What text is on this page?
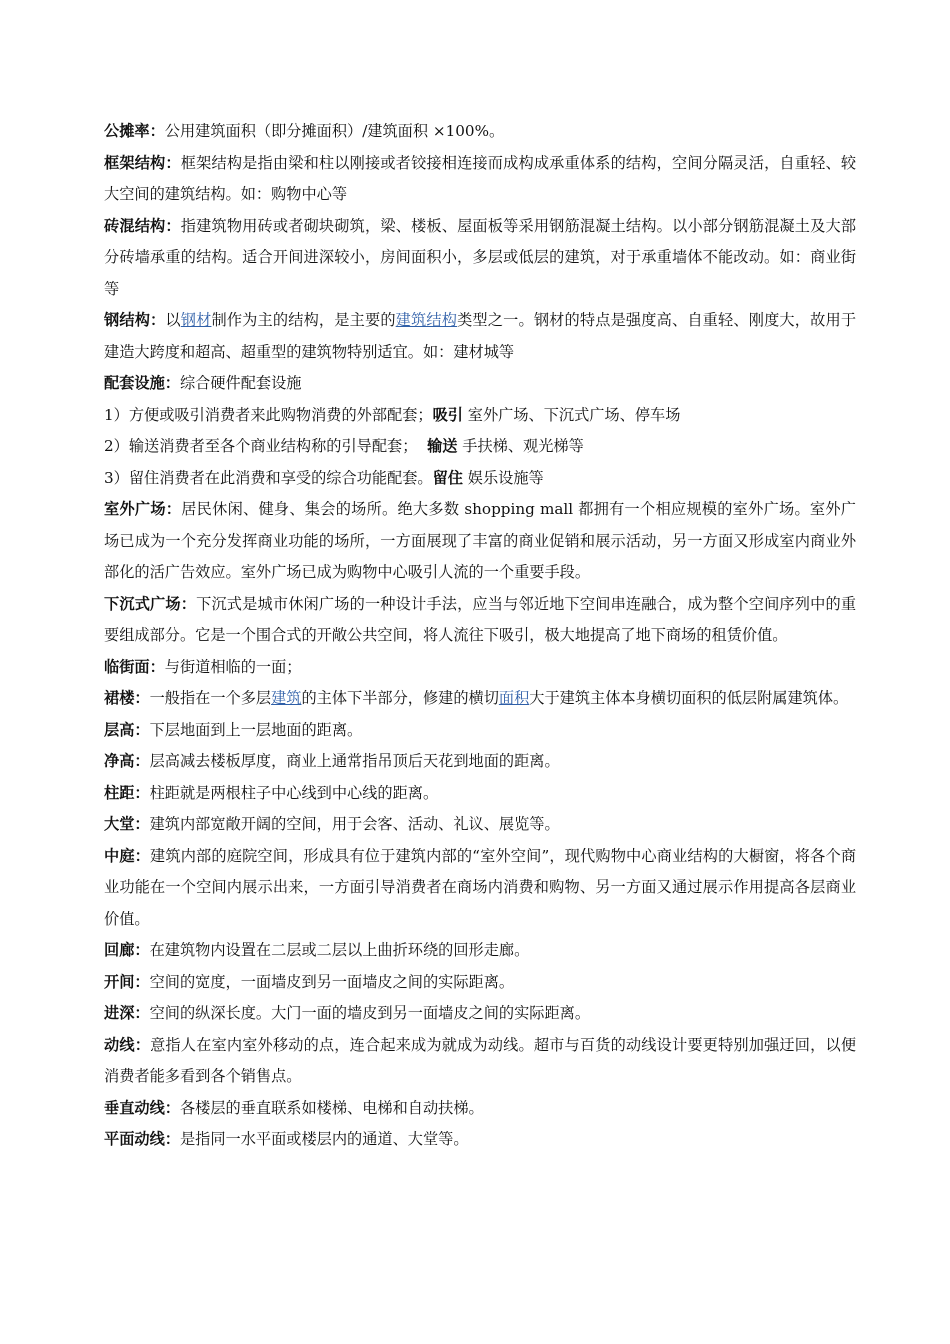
公摊率：公用建筑面积（即分摊面积）/建筑面积 ×100%。

框架结构：框架结构是指由梁和柱以刚接或者铰接相连接而成构成承重体系的结构，空间分隔灵活，自重轻、较大空间的建筑结构。如：购物中心等

砖混结构：指建筑物用砖或者砌块砌筑，梁、楼板、屋面板等采用钢筋混凝土结构。以小部分钢筋混凝土及大部分砖墙承重的结构。适合开间进深较小，房间面积小，多层或低层的建筑，对于承重墙体不能改动。如：商业街等

钢结构：以钢材制作为主的结构，是主要的建筑结构类型之一。钢材的特点是强度高、自重轻、刚度大，故用于建造大跨度和超高、超重型的建筑物特别适宜。如：建材城等

配套设施：综合硬件配套设施

1）方便或吸引消费者来此购物消费的外部配套；吸引 室外广场、下沉式广场、停车场

2）输送消费者至各个商业结构称的引导配套；  输送 手扶梯、观光梯等

3）留住消费者在此消费和享受的综合功能配套。留住 娱乐设施等

室外广场：居民休闲、健身、集会的场所。绝大多数 shopping mall 都拥有一个相应规模的室外广场。室外广场已成为一个充分发挥商业功能的场所，一方面展现了丰富的商业促销和展示活动，另一方面又形成室内商业外部化的活广告效应。室外广场已成为购物中心吸引人流的一个重要手段。

下沉式广场：下沉式是城市休闲广场的一种设计手法，应当与邻近地下空间串连融合，成为整个空间序列中的重要组成部分。它是一个围合式的开敞公共空间，将人流往下吸引，极大地提高了地下商场的租赁价值。

临街面：与街道相临的一面；

裙楼：一般指在一个多层建筑的主体下半部分，修建的横切面积大于建筑主体本身横切面积的低层附属建筑体。

层高：下层地面到上一层地面的距离。

净高：层高减去楼板厚度，商业上通常指吊顶后天花到地面的距离。

柱距：柱距就是两根柱子中心线到中心线的距离。

大堂：建筑内部宽敞开阔的空间，用于会客、活动、礼议、展览等。

中庭：建筑内部的庭院空间，形成具有位于建筑内部的“室外空间”，现代购物中心商业结构的大橱窗，将各个商业功能在一个空间内展示出来，一方面引导消费者在商场内消费和购物、另一方面又通过展示作用提高各层商业价值。

回廊：在建筑物内设置在二层或二层以上曲折环绕的回形走廊。

开间：空间的宽度，一面墙皮到另一面墙皮之间的实际距离。

进深：空间的纵深长度。大门一面的墙皮到另一面墙皮之间的实际距离。

动线：意指人在室内室外移动的点，连合起来成为就成为动线。超市与百货的动线设计要更特别加强迂回，以便消费者能多看到各个销售点。

垂直动线：各楼层的垂直联系如楼梯、电梯和自动扶梯。

平面动线：是指同一水平面或楼层内的通道、大堂等。
